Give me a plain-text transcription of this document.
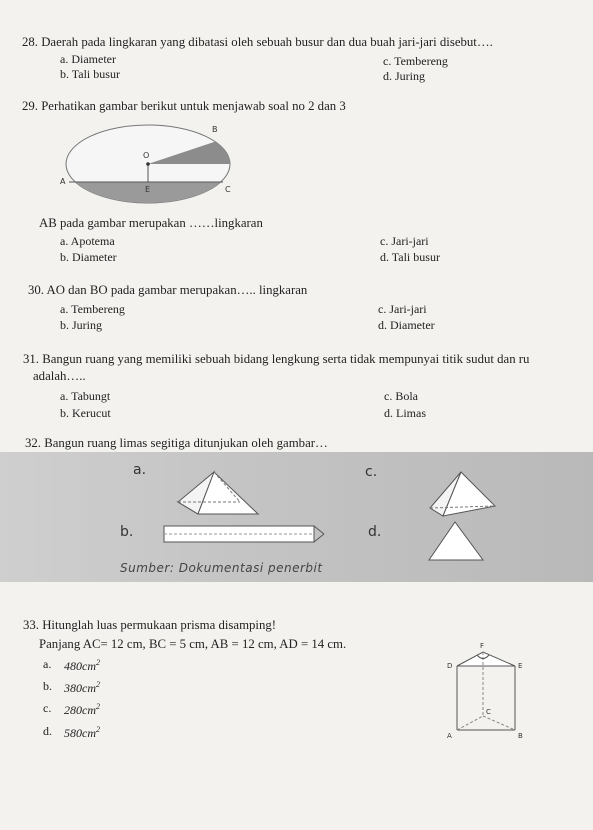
28. Daerah pada lingkaran yang dibatasi oleh sebuah busur dan dua buah jari-jari disebut….
a. Diameter
b. Tali busur
c. Tembereng
d. Juring
29. Perhatikan gambar berikut untuk menjawab soal no 2 dan 3
O
B
A
E	C
AB pada gambar merupakan ……lingkaran
a. Apotema
b. Diameter
c. Jari-jari
d. Tali busur
30. AO dan BO pada gambar merupakan….. lingkaran
a. Tembereng
b. Juring
c. Jari-jari
d. Diameter
31. Bangun ruang yang memiliki sebuah bidang lengkung serta tidak mempunyai titik sudut dan ru
adalah…..
a. Tabungt
b. Kerucut
c. Bola
d. Limas
32. Bangun ruang limas segitiga ditunjukan oleh gambar…
a.	c.
b.	d.
Sumber: Dokumentasi penerbit
33. Hitunglah luas permukaan prisma disamping!
Panjang AC= 12 cm, BC = 5 cm, AB = 12 cm, AD = 14 cm.
a. $480cm^2$
b. $380cm^2$
c. $280cm^2$
d. $580cm^2$
F
D	E
C
A	B
